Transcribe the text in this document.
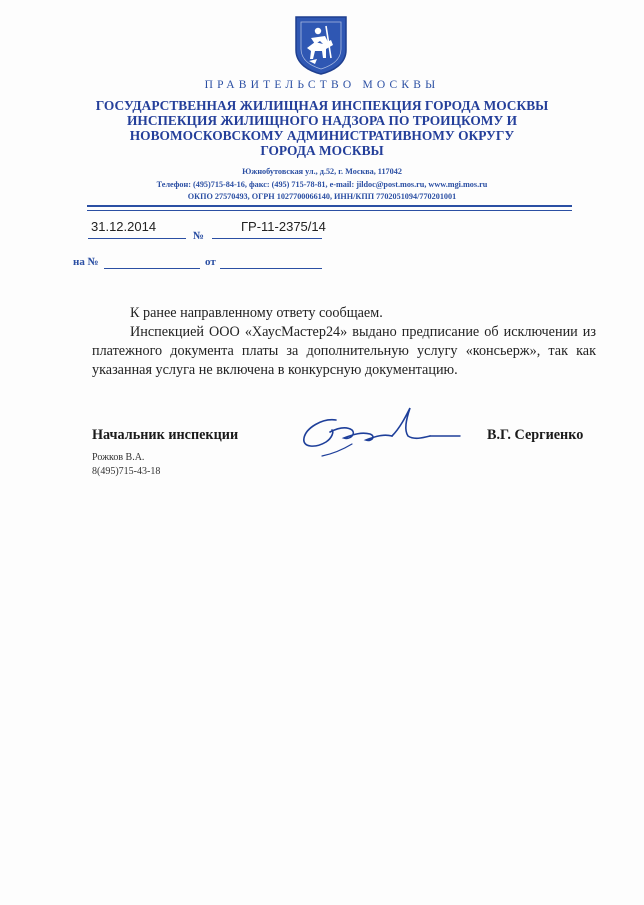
ПРАВИТЕЛЬСТВО МОСКВЫ
ГОСУДАРСТВЕННАЯ ЖИЛИЩНАЯ ИНСПЕКЦИЯ ГОРОДА МОСКВЫ
ИНСПЕКЦИЯ ЖИЛИЩНОГО НАДЗОРА ПО ТРОИЦКОМУ И
НОВОМОСКОВСКОМУ АДМИНИСТРАТИВНОМУ ОКРУГУ
ГОРОДА МОСКВЫ
Южнобутовская ул., д.52, г. Москва, 117042
Телефон: (495)715-84-16, факс: (495) 715-78-81, e-mail: jildoc@post.mos.ru, www.mgi.mos.ru
ОКПО 27570493, ОГРН 1027700066140, ИНН/КПП 7702051094/770201001
31.12.2014
№
ГР-11-2375/14
на №	от
К ранее направленному ответу сообщаем.
Инспекцией ООО «ХаусМастер24» выдано предписание об исключении из платежного документа платы за дополнительную услугу «консьерж», так как указанная услуга не включена в конкурсную документацию.
Начальник инспекции	В.Г. Сергиенко
Рожков В.А.
8(495)715-43-18
